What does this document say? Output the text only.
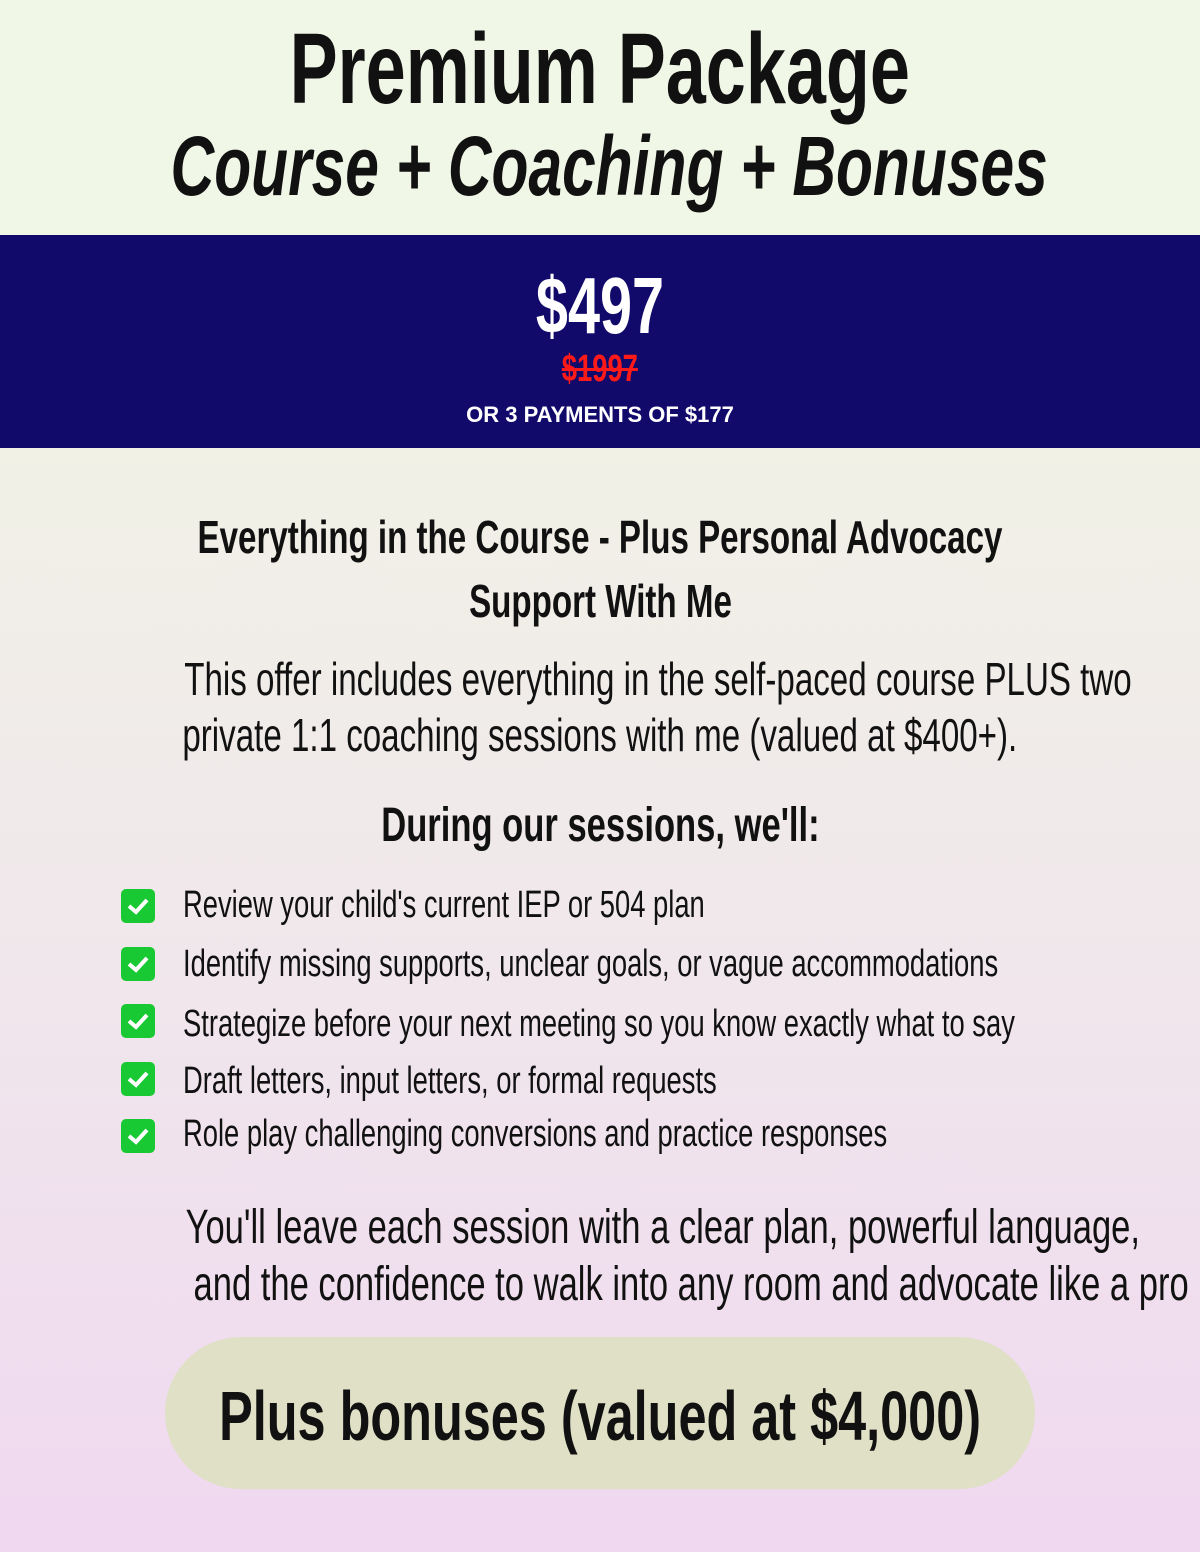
Premium Package
Course + Coaching + Bonuses
$497
$1997
OR 3 PAYMENTS OF $177
Everything in the Course - Plus Personal Advocacy
Support With Me
This offer includes everything in the self-paced course PLUS two
private 1:1 coaching sessions with me (valued at $400+).
During our sessions, we'll:
Review your child's current IEP or 504 plan
Identify missing supports, unclear goals, or vague accommodations
Strategize before your next meeting so you know exactly what to say
Draft letters, input letters, or formal requests
Role play challenging conversions and practice responses
You'll leave each session with a clear plan, powerful language,
and the confidence to walk into any room and advocate like a pro
Plus bonuses (valued at $4,000)
